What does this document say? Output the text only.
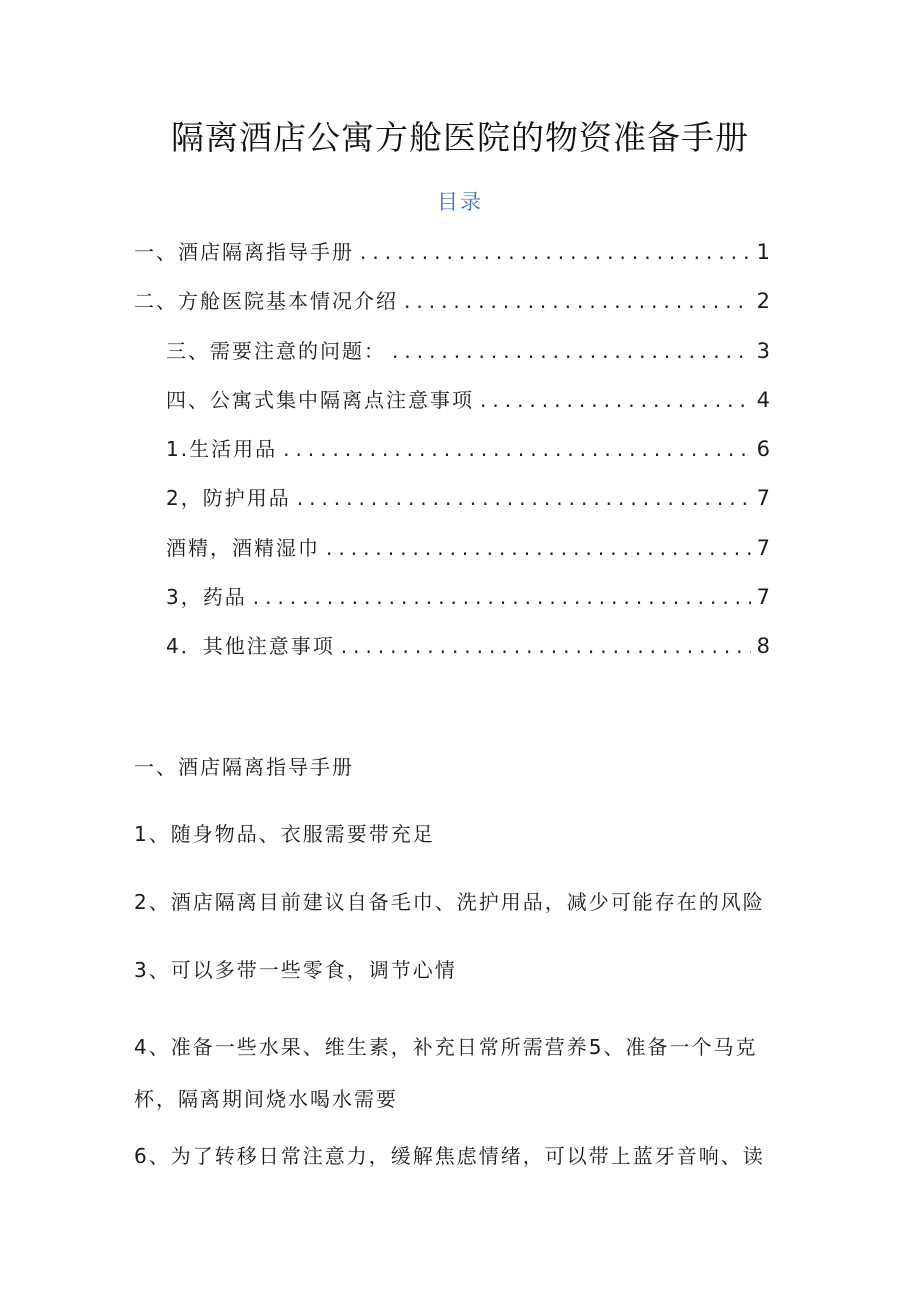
隔离酒店公寓方舱医院的物资准备手册
目录
一、酒店隔离指导手册 .....	1
二、方舱医院基本情况介绍 .....	2
三、需要注意的问题： .....	3
四、公寓式集中隔离点注意事项 .....	4
1.生活用品 .....	6
2，防护用品 .....	7
酒精，酒精湿巾 .....	7
3，药品 .....	7
4．其他注意事项 .....	8

一、酒店隔离指导手册

1、随身物品、衣服需要带充足

2、酒店隔离目前建议自备毛巾、洗护用品，减少可能存在的风险

3、可以多带一些零食，调节心情

4、准备一些水果、维生素，补充日常所需营养5、准备一个马克杯，隔离期间烧水喝水需要

6、为了转移日常注意力，缓解焦虑情绪，可以带上蓝牙音响、读
